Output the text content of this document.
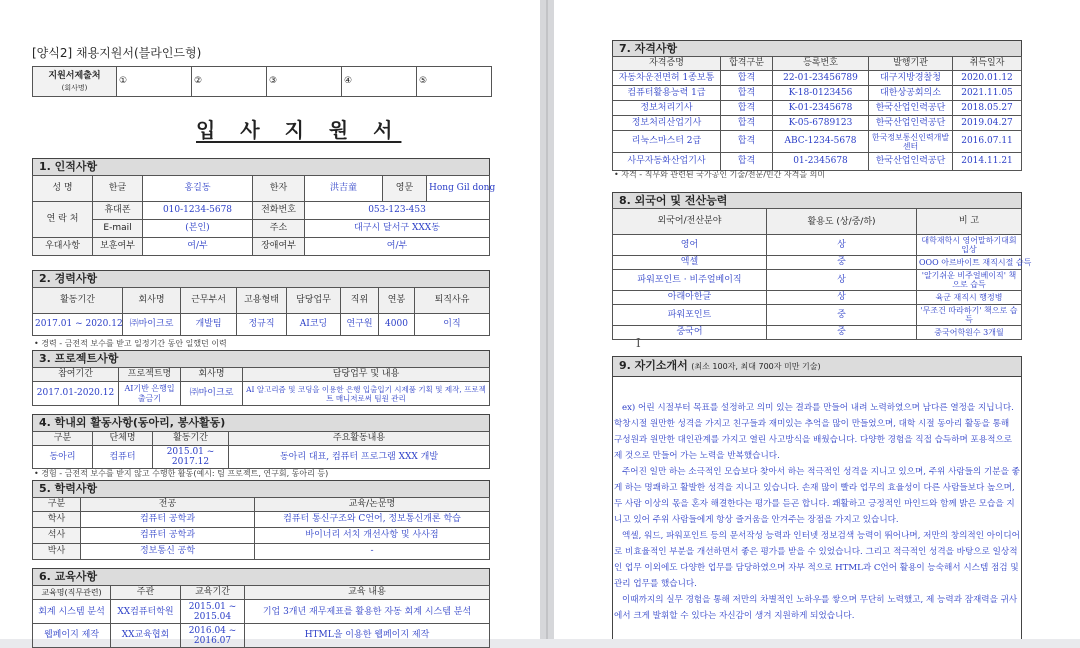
[양식2] 채용지원서(블라인드형)
지원서제출처
(회사명)	①	②	③	④	⑤
입 사 지 원 서
1. 인적사항
성 명	한글	홍길동	한자	洪吉童	영문	Hong Gil dong
연 락 처	휴대폰	010-1234-5678	전화번호	053-123-453		
	E-mail	(본인)	주소	대구시 달서구 XXX동		
우대사항	보훈여부	여/부	장애여부	여/부		
2. 경력사항
활동기간	회사명	근무부서	고용형태	담당업무	직위	연봉	퇴직사유
2017.01 ~ 2020.12	㈜마이크로	개발팀	정규직	AI코딩	연구원	4000	이직
• 경력 - 금전적 보수를 받고 일정기간 동안 일했던 이력
3. 프로젝트사항
참여기간	프로젝트명	회사명	담당업무 및 내용
2017.01-2020.12	AI기반 은행입출금기	㈜마이크로	AI 알고리즘 및 코딩을 이용한 은행 입출입기 시제품 기획 및 제작, 프로젝트 매니저로써 팀원 관리
4. 학내외 활동사항(동아리, 봉사활동)
구분	단체명	활동기간	주요활동내용
동아리	컴퓨터	2015.01 ~ 2017.12	동아리 대표, 컴퓨터 프로그램 XXX 개발
• 경험 - 금전적 보수를 받지 않고 수행한 활동(예시: 팀 프로젝트, 연구회, 동아리 등)
5. 학력사항
구분	전공	교육/논문명
학사	컴퓨터 공학과	컴퓨터 통신구조와 C언어, 정보통신개론 학습
석사	컴퓨터 공학과	바이너리 서치 개선사항 및 사사점
박사	정보통신 공학	-
6. 교육사항
교육명(직무관련)	주관	교육기간	교육 내용
회계 시스템 분석	XX컴퓨터학원	2015.01 ~ 2015.04	기업 3개년 재무제표를 활용한 자동 회계 시스템 분석
웹페이지 제작	XX교육협회	2016.04 ~ 2016.07	HTML을 이용한 웹페이지 제작
7. 자격사항
자격증명	합격구분	등록번호	발행기관	취득일자
자동차운전면허 1종보통	합격	22-01-23456789	대구지방경찰청	2020.01.12
컴퓨터활용능력 1급	합격	K-18-0123456	대한상공회의소	2021.11.05
정보처리기사	합격	K-01-2345678	한국산업인력공단	2018.05.27
정보처리산업기사	합격	K-05-6789123	한국산업인력공단	2019.04.27
리눅스마스터 2급	합격	ABC-1234-5678	한국정보통신인력개발센터	2016.07.11
사무자동화산업기사	합격	01-2345678	한국산업인력공단	2014.11.21
• 자격 - 직무와 관련된 국가공인 기술/전문/민간 자격을 의미
8. 외국어 및 전산능력
외국어/전산분야	활용도 (상/중/하)	비 고
영어	상	대학재학시 영어말하기대회 입상
엑셀	중	OOO 아르바이트 재직시절 습득
파워포인트 · 비주얼베이직	상	'알기쉬운 비주얼베이직' 책으로 습득
아래아한글	상	육군 재직시 행정병
파워포인트	중	'무조건 따라하기' 책으로 습득
중국어	중	중국어학원수 3개월
I
9. 자기소개서 (최소 100자, 최대 700자 미만 기술)

ex) 어린 시절부터 목표를 설정하고 의미 있는 결과를 만들어 내려 노력하였으며 남다른 열정을 지닙니다. 학창시절 원만한 성격을 가지고 친구들과 재미있는 추억을 많이 만들었으며, 대학 시절 동아리 활동을 통해 구성원과 원만한 대인관계를 가지고 열린 사고방식을 배웠습니다. 다양한 경험을 직접 습득하며 포용적으로 제 것으로 만들어 가는 노력을 반복했습니다.

주어진 일만 하는 소극적인 모습보다 찾아서 하는 적극적인 성격을 지니고 있으며, 주위 사람들의 기분을 좋게 하는 명쾌하고 활발한 성격을 지니고 있습니다. 손재 많이 빨라 업무의 효율성이 다른 사람들보다 높으며, 두 사람 이상의 몫을 혼자 해결한다는 평가를 듣곤 합니다. 쾌활하고 긍정적인 마인드와 함께 밝은 모습을 지니고 있어 주위 사람들에게 항상 즐거움을 안겨주는 장점을 가지고 있습니다.

엑셀, 워드, 파워포인트 등의 문서작성 능력과 인터넷 정보검색 능력이 뛰어나며, 저만의 창의적인 아이디어로 비효율적인 부분을 개선하면서 좋은 평가를 받을 수 있었습니다. 그리고 적극적인 성격을 바탕으로 일상적인 업무 이외에도 다양한 업무를 담당하였으며 자부 적으로 HTML과 C언어 활용이 능숙해서 시스템 점검 및 관리 업무를 했습니다.

이때까지의 실무 경험을 통해 저만의 차별적인 노하우를 쌓으며 무단히 노력했고, 제 능력과 잠재력을 귀사에서 크게 발휘할 수 있다는 자신감이 생겨 지원하게 되었습니다.
